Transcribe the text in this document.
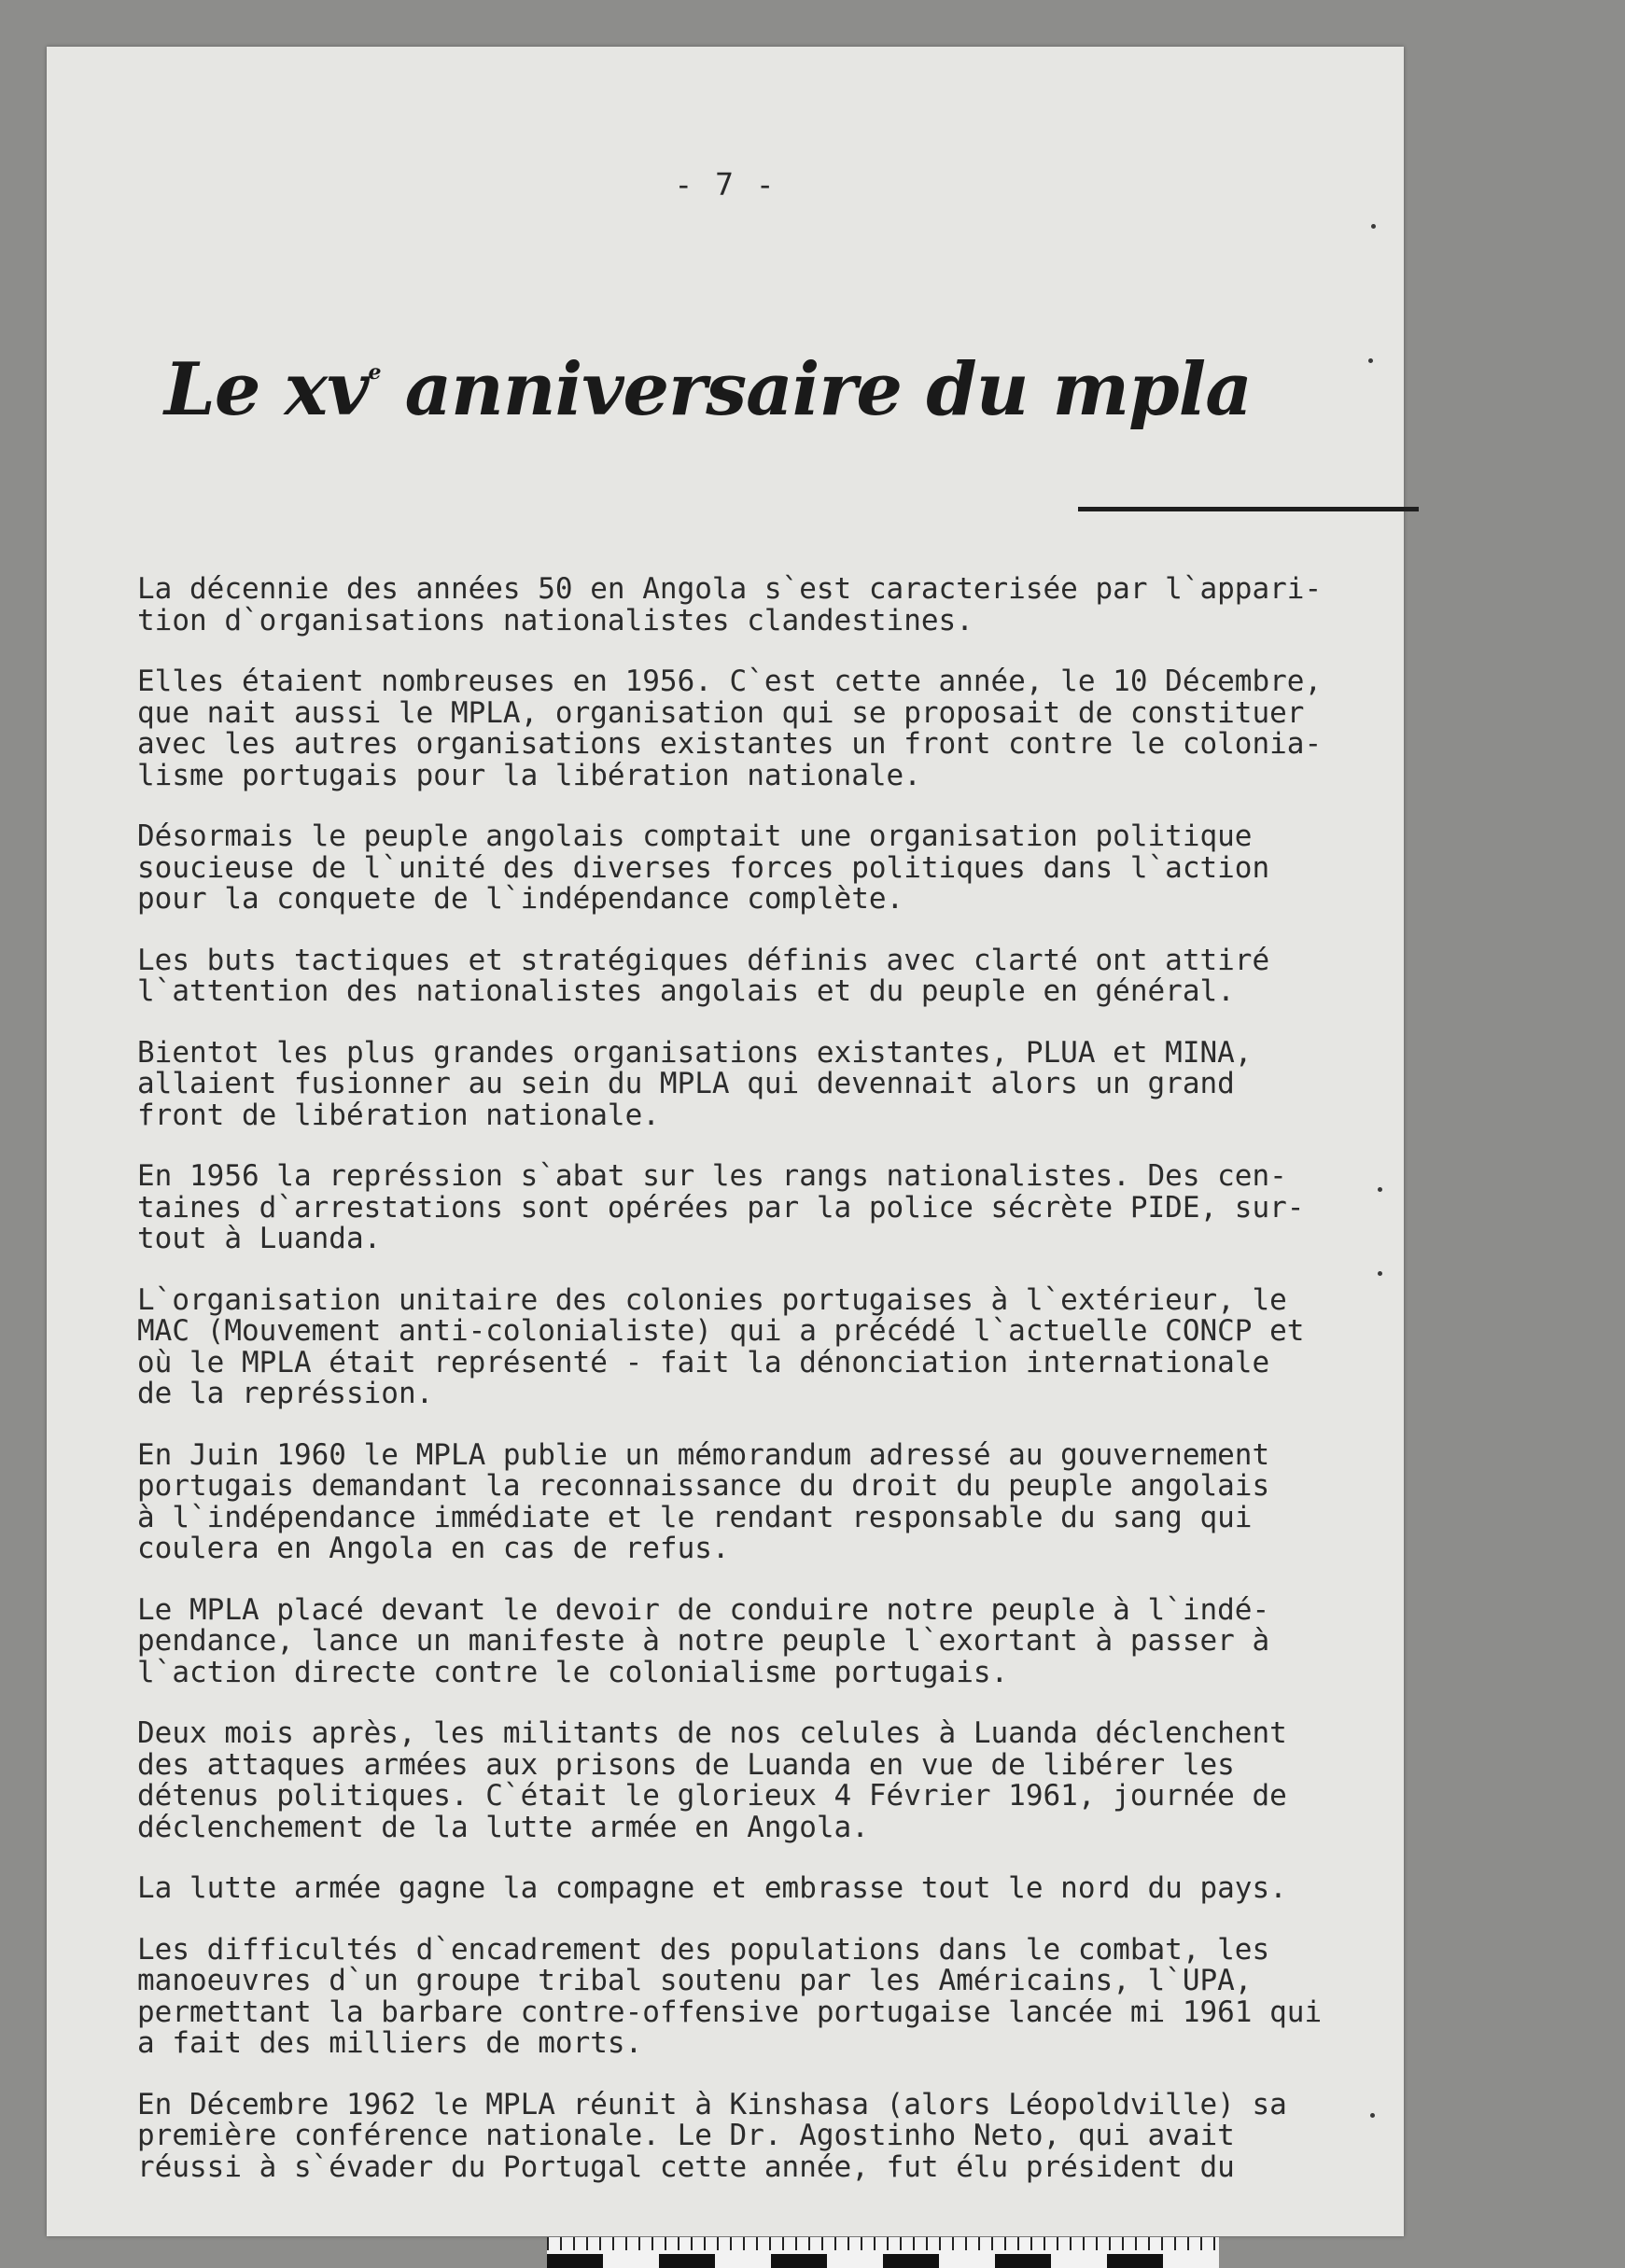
- 7 -
Le $xv^e$ anniversaire du mpla
La décennie des années 50 en Angola s`est caracterisée par l`appari-
tion d`organisations nationalistes clandestines.
Elles étaient nombreuses en 1956. C`est cette année, le 10 Décembre,
que nait aussi le MPLA, organisation qui se proposait de constituer
avec les autres organisations existantes un front contre le colonia-
lisme portugais pour la libération nationale.
Désormais le peuple angolais comptait une organisation politique
soucieuse de l`unité des diverses forces politiques dans l`action
pour la conquete de l`indépendance complète.
Les buts tactiques et stratégiques définis avec clarté ont attiré
l`attention des nationalistes angolais et du peuple en général.
Bientot les plus grandes organisations existantes, PLUA et MINA,
allaient fusionner au sein du MPLA qui devennait alors un grand
front de libération nationale.
En 1956 la représsion s`abat sur les rangs nationalistes. Des cen-
taines d`arrestations sont opérées par la police sécrète PIDE, sur-
tout à Luanda.
L`organisation unitaire des colonies portugaises à l`extérieur, le
MAC (Mouvement anti-colonialiste) qui a précédé l`actuelle CONCP et
où le MPLA était représenté - fait la dénonciation internationale
de la représsion.
En Juin 1960 le MPLA publie un mémorandum adressé au gouvernement
portugais demandant la reconnaissance du droit du peuple angolais
à l`indépendance immédiate et le rendant responsable du sang qui
coulera en Angola en cas de refus.
Le MPLA placé devant le devoir de conduire notre peuple à l`indé-
pendance, lance un manifeste à notre peuple l`exortant à passer à
l`action directe contre le colonialisme portugais.
Deux mois après, les militants de nos celules à Luanda déclenchent
des attaques armées aux prisons de Luanda en vue de libérer les
détenus politiques. C`était le glorieux 4 Février 1961, journée de
déclenchement de la lutte armée en Angola.
La lutte armée gagne la compagne et embrasse tout le nord du pays.
Les difficultés d`encadrement des populations dans le combat, les
manoeuvres d`un groupe tribal soutenu par les Américains, l`UPA,
permettant la barbare contre-offensive portugaise lancée mi 1961 qui
a fait des milliers de morts.
En Décembre 1962 le MPLA réunit à Kinshasa (alors Léopoldville) sa
première conférence nationale. Le Dr. Agostinho Neto, qui avait
réussi à s`évader du Portugal cette année, fut élu président du
